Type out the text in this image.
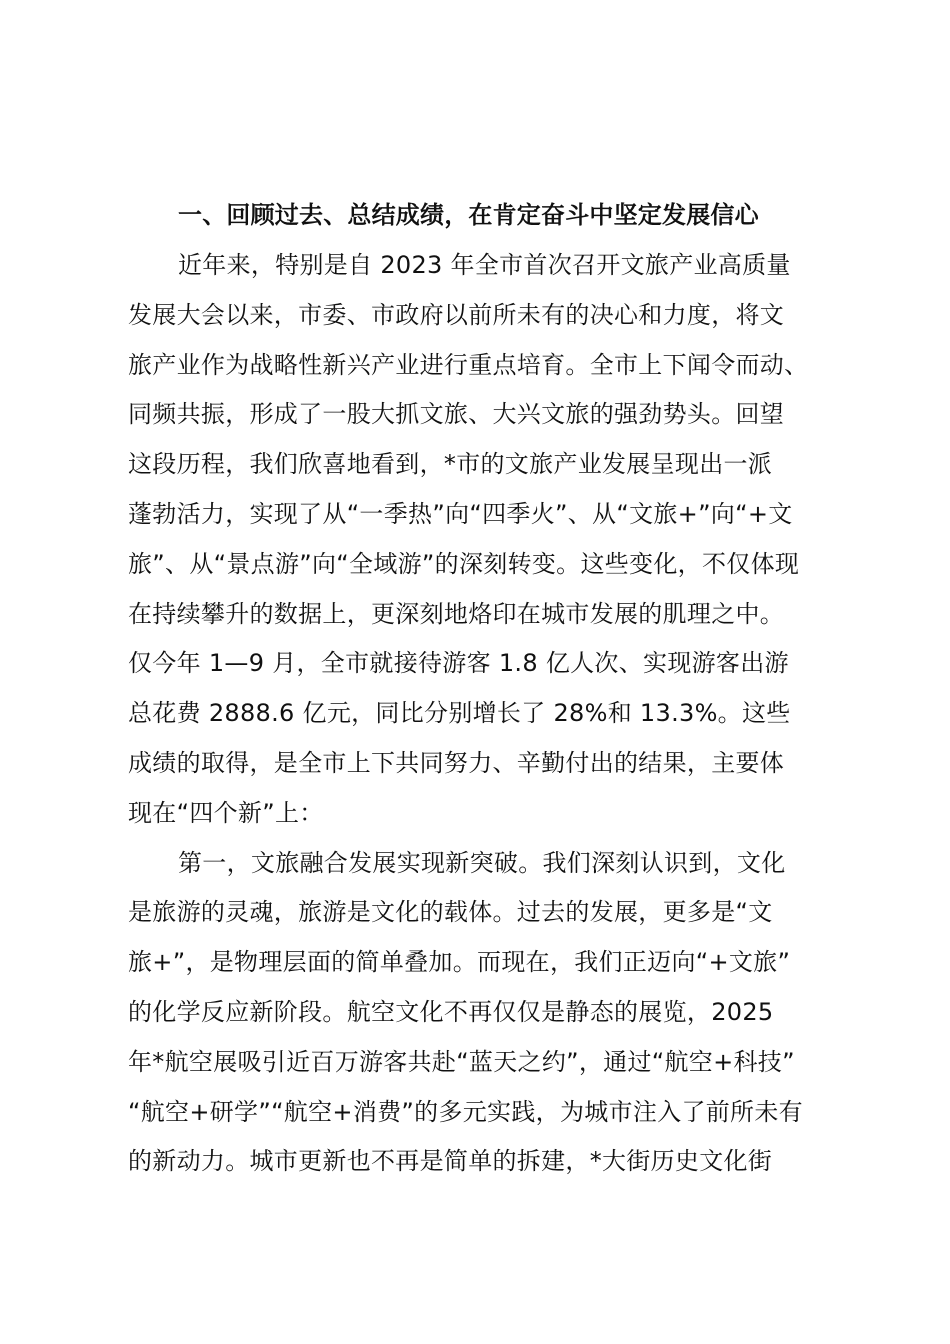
一、回顾过去、总结成绩，在肯定奋斗中坚定发展信心
近年来，特别是自 2023 年全市首次召开文旅产业高质量
发展大会以来，市委、市政府以前所未有的决心和力度，将文
旅产业作为战略性新兴产业进行重点培育。全市上下闻令而动、
同频共振，形成了一股大抓文旅、大兴文旅的强劲势头。回望
这段历程，我们欣喜地看到，*市的文旅产业发展呈现出一派
蓬勃活力，实现了从“一季热”向“四季火”、从“文旅+”向“+文
旅”、从“景点游”向“全域游”的深刻转变。这些变化，不仅体现
在持续攀升的数据上，更深刻地烙印在城市发展的肌理之中。
仅今年 1—9 月，全市就接待游客 1.8 亿人次、实现游客出游
总花费 2888.6 亿元，同比分别增长了 28%和 13.3%。这些
成绩的取得，是全市上下共同努力、辛勤付出的结果，主要体
现在“四个新”上：
第一，文旅融合发展实现新突破。我们深刻认识到，文化
是旅游的灵魂，旅游是文化的载体。过去的发展，更多是“文
旅+”，是物理层面的简单叠加。而现在，我们正迈向“+文旅”
的化学反应新阶段。航空文化不再仅仅是静态的展览，2025
年*航空展吸引近百万游客共赴“蓝天之约”，通过“航空+科技”
“航空+研学”“航空+消费”的多元实践，为城市注入了前所未有
的新动力。城市更新也不再是简单的拆建，*大街历史文化街
